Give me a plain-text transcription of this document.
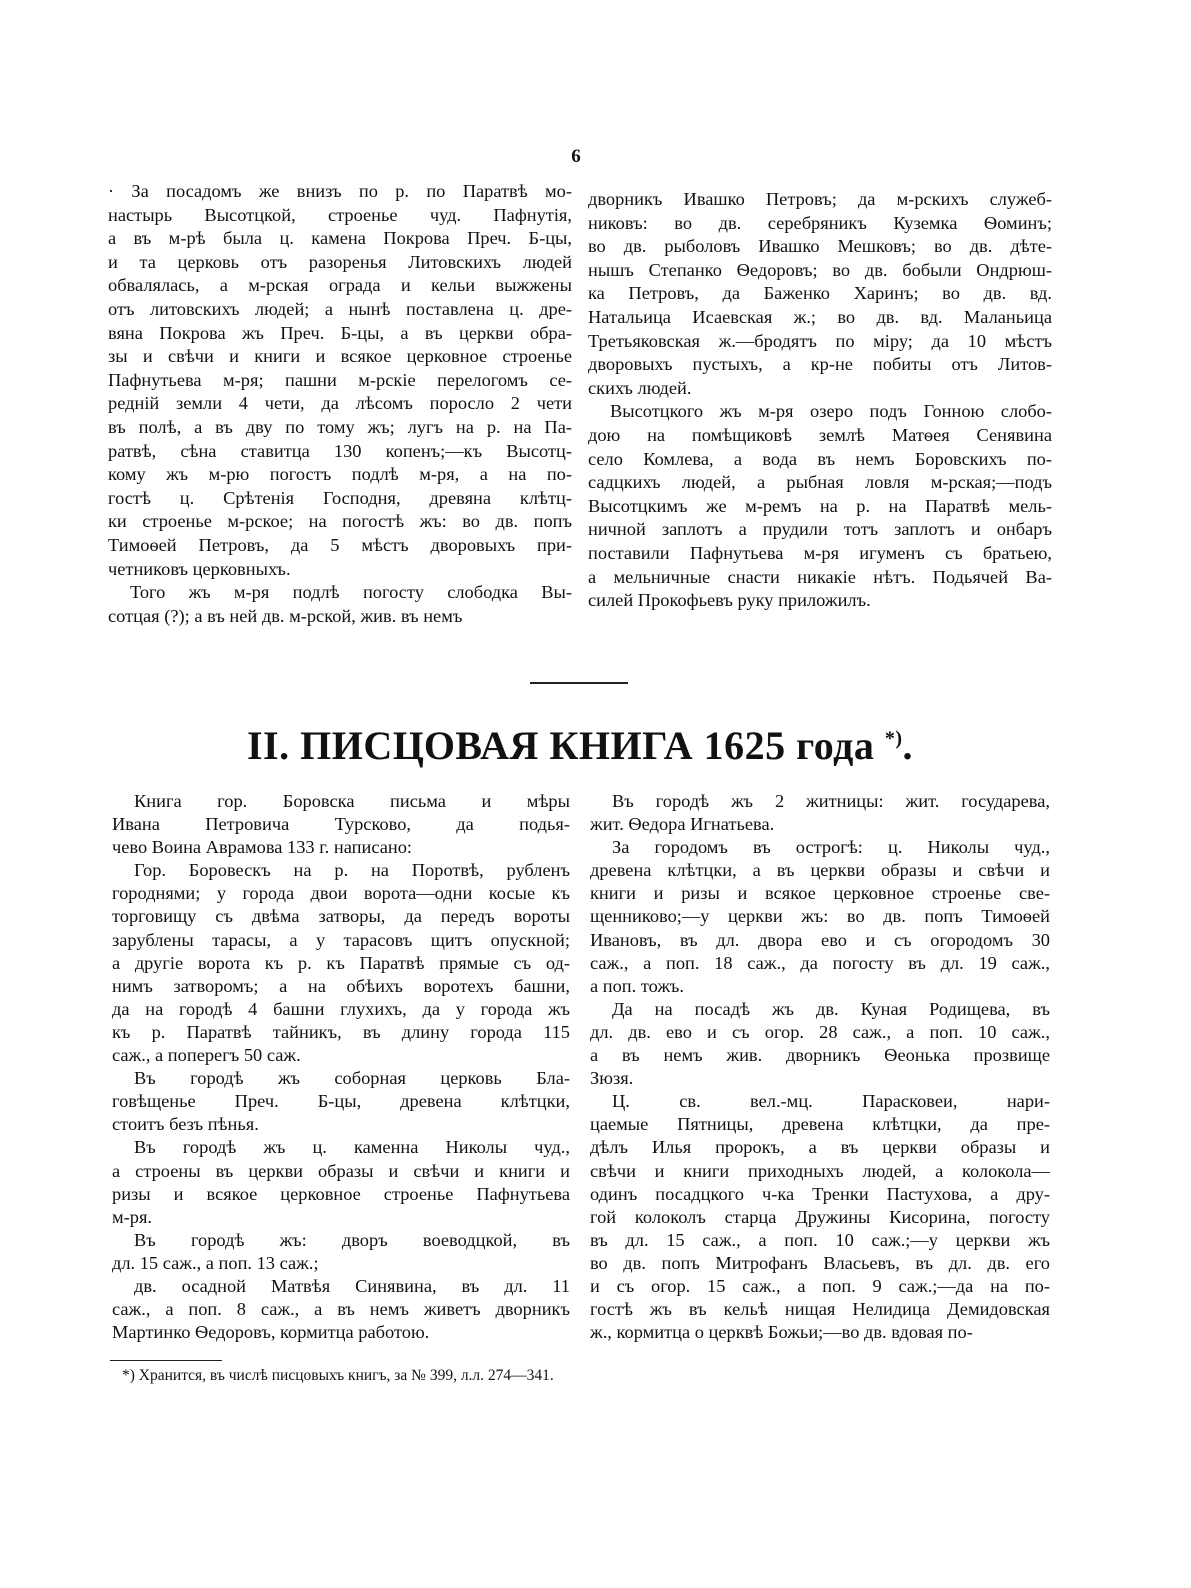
6
· За посадомъ же внизъ по р. по Паратвѣ мо-
настырь Высотцкой, строенье чуд. Пафнутія,
а въ м-рѣ была ц. камена Покрова Преч. Б-цы,
и та церковь отъ разоренья Литовскихъ людей
обвалялась, а м-рская ограда и кельи выжжены
отъ литовскихъ людей; а нынѣ поставлена ц. дре-
вяна Покрова жъ Преч. Б-цы, а въ церкви обра-
зы и свѣчи и книги и всякое церковное строенье
Пафнутьева м-ря; пашни м-рскіе перелогомъ се-
редній земли 4 чети, да лѣсомъ поросло 2 чети
въ полѣ, а въ дву по тому жъ; лугъ на р. на Па-
ратвѣ, сѣна ставитца 130 копенъ;—къ Высотц-
кому жъ м-рю погостъ подлѣ м-ря, а на по-
гостѣ ц. Срѣтенія Господня, древяна клѣтц-
ки строенье м-рское; на погостѣ жъ: во дв. попъ
Тимоѳей Петровъ, да 5 мѣстъ дворовыхъ при-
четниковъ церковныхъ.
Того жъ м-ря подлѣ погосту слободка Вы-
сотцая (?); а въ ней дв. м-рской, жив. въ немъ
дворникъ Ивашко Петровъ; да м-рскихъ служеб-
никовъ: во дв. серебряникъ Куземка Ѳоминъ;
во дв. рыболовъ Ивашко Мешковъ; во дв. дѣте-
нышъ Степанко Ѳедоровъ; во дв. бобыли Ондрюш-
ка Петровъ, да Баженко Харинъ; во дв. вд.
Натальица Исаевская ж.; во дв. вд. Маланьица
Третьяковская ж.—бродятъ по міру; да 10 мѣстъ
дворовыхъ пустыхъ, а кр-не побиты отъ Литов-
скихъ людей.
Высотцкого жъ м-ря озеро подъ Гонною слобо-
дою на помѣщиковѣ землѣ Матѳея Сенявина
село Комлева, а вода въ немъ Боровскихъ по-
садцкихъ людей, а рыбная ловля м-рская;—подъ
Высотцкимъ же м-ремъ на р. на Паратвѣ мель-
ничной заплотъ а прудили тотъ заплотъ и онбаръ
поставили Пафнутьева м-ря игуменъ съ братьею,
а мельничные снасти никакіе нѣтъ. Подьячей Ва-
силей Прокофьевъ руку приложилъ.
II. ПИСЦОВАЯ КНИГА 1625 года *).
Книга гор. Боровска письма и мѣры
Ивана Петровича Турсково, да подья-
чево Воина Аврамова 133 г. написано:
Гор. Боровескъ на р. на Поротвѣ, рубленъ
городнями; у города двои ворота—одни косые къ
торговищу съ двѣма затворы, да передъ вороты
зарублены тарасы, а у тарасовъ щитъ опускной;
а другіе ворота къ р. къ Паратвѣ прямые съ од-
нимъ затворомъ; а на обѣихъ воротехъ башни,
да на городѣ 4 башни глухихъ, да у города жъ
къ р. Паратвѣ тайникъ, въ длину города 115
саж., а поперегъ 50 саж.
Въ городѣ жъ соборная церковь Бла-
говѣщенье Преч. Б-цы, древена клѣтцки,
стоитъ безъ пѣнья.
Въ городѣ жъ ц. каменна Николы чуд.,
а строены въ церкви образы и свѣчи и книги и
ризы и всякое церковное строенье Пафнутьева
м-ря.
Въ городѣ жъ: дворъ воеводцкой, въ
дл. 15 саж., а поп. 13 саж.;
дв. осадной Матвѣя Синявина, въ дл. 11
саж., а поп. 8 саж., а въ немъ живетъ дворникъ
Мартинко Ѳедоровъ, кормитца работою.
Въ городѣ жъ 2 житницы: жит. государева,
жит. Ѳедора Игнатьева.
За городомъ въ острогѣ: ц. Николы чуд.,
древена клѣтцки, а въ церкви образы и свѣчи и
книги и ризы и всякое церковное строенье све-
щенниково;—у церкви жъ: во дв. попъ Тимоѳей
Ивановъ, въ дл. двора ево и съ огородомъ 30
саж., а поп. 18 саж., да погосту въ дл. 19 саж.,
а поп. тожъ.
Да на посадѣ жъ дв. Куная Родищева, въ
дл. дв. ево и съ огор. 28 саж., а поп. 10 саж.,
а въ немъ жив. дворникъ Ѳеонька прозвище
Зюзя.
Ц. св. вел.-мц. Парасковеи, нари-
цаемые Пятницы, древена клѣтцки, да пре-
дѣлъ Илья пророкъ, а въ церкви образы и
свѣчи и книги приходныхъ людей, а колокола—
одинъ посадцкого ч-ка Тренки Пастухова, а дру-
гой колоколъ старца Дружины Кисорина, погосту
въ дл. 15 саж., а поп. 10 саж.;—у церкви жъ
во дв. попъ Митрофанъ Власьевъ, въ дл. дв. его
и съ огор. 15 саж., а поп. 9 саж.;—да на по-
гостѣ жъ въ кельѣ нищая Нелидица Демидовская
ж., кормитца о церквѣ Божьи;—во дв. вдовая по-
*) Хранится, въ числѣ писцовыхъ книгъ, за № 399, л.л. 274—341.
